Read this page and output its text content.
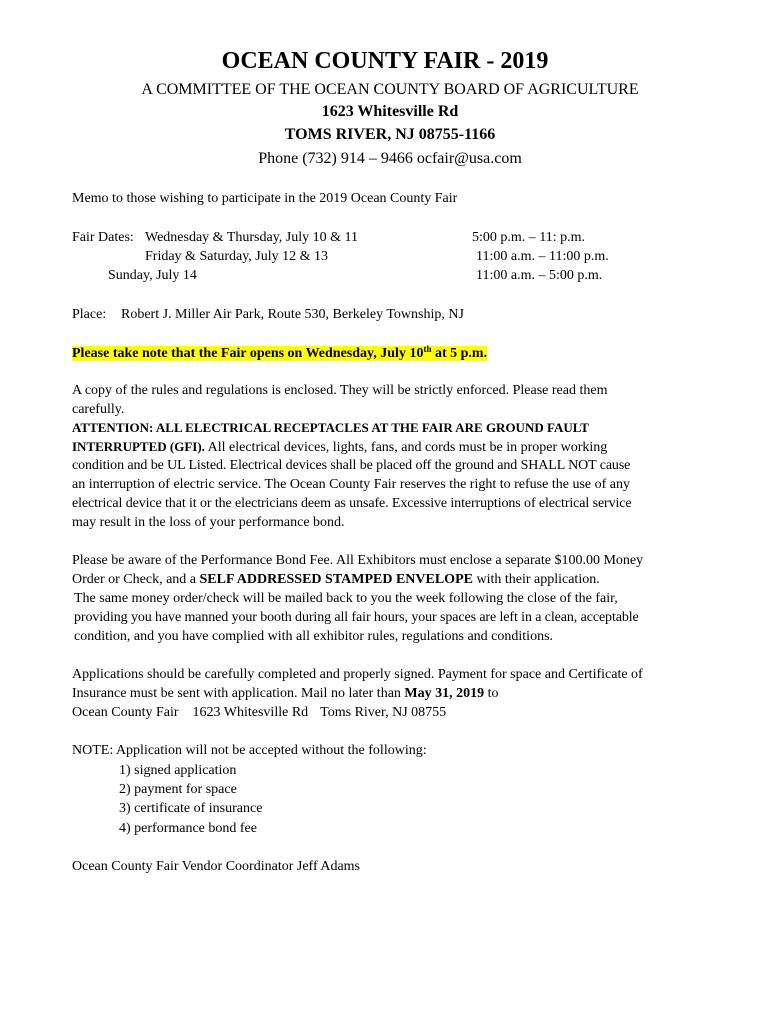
OCEAN COUNTY FAIR - 2019
A COMMITTEE OF THE OCEAN COUNTY BOARD OF AGRICULTURE
1623 Whitesville Rd
TOMS RIVER, NJ 08755-1166
Phone (732) 914 – 9466 ocfair@usa.com
Memo to those wishing to participate in the 2019 Ocean County Fair
Fair Dates: Wednesday & Thursday, July 10 & 11	5:00 p.m. – 11: p.m.
Friday & Saturday, July 12 & 13	11:00 a.m. – 11:00 p.m.
Sunday, July 14	11:00 a.m. – 5:00 p.m.
Place: Robert J. Miller Air Park, Route 530, Berkeley Township, NJ
Please take note that the Fair opens on Wednesday, July 10th at 5 p.m.
A copy of the rules and regulations is enclosed. They will be strictly enforced. Please read them
carefully.
ATTENTION: ALL ELECTRICAL RECEPTACLES AT THE FAIR ARE GROUND FAULT
INTERRUPTED (GFI). All electrical devices, lights, fans, and cords must be in proper working
condition and be UL Listed. Electrical devices shall be placed off the ground and SHALL NOT cause
an interruption of electric service. The Ocean County Fair reserves the right to refuse the use of any
electrical device that it or the electricians deem as unsafe. Excessive interruptions of electrical service
may result in the loss of your performance bond.
Please be aware of the Performance Bond Fee. All Exhibitors must enclose a separate $100.00 Money
Order or Check, and a SELF ADDRESSED STAMPED ENVELOPE with their application.
The same money order/check will be mailed back to you the week following the close of the fair,
providing you have manned your booth during all fair hours, your spaces are left in a clean, acceptable
condition, and you have complied with all exhibitor rules, regulations and conditions.
Applications should be carefully completed and properly signed. Payment for space and Certificate of
Insurance must be sent with application. Mail no later than May 31, 2019 to
Ocean County Fair 1623 Whitesville Rd Toms River, NJ 08755
NOTE: Application will not be accepted without the following:
1) signed application
2) payment for space
3) certificate of insurance
4) performance bond fee
Ocean County Fair Vendor Coordinator Jeff Adams
